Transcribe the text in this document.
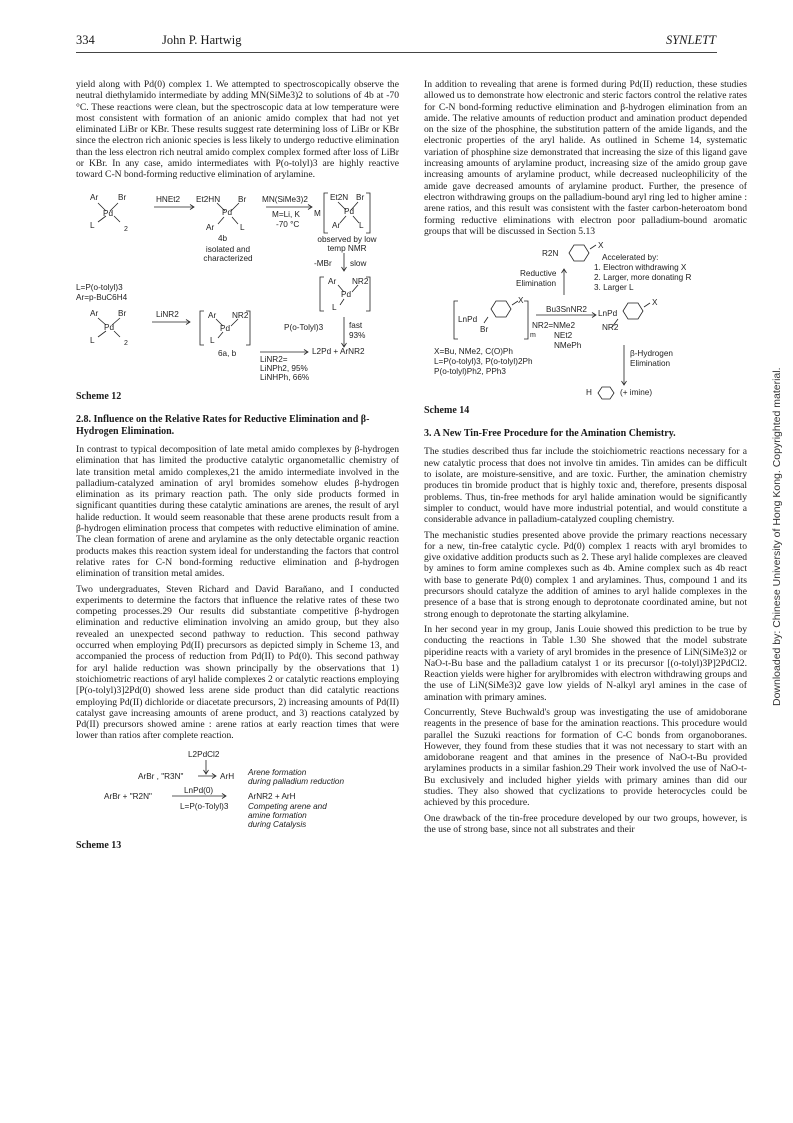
334	John P. Hartwig	SYNLETT

yield along with Pd(0) complex 1. We attempted to spectroscopically observe the neutral diethylamido intermediate by adding MN(SiMe3)2 to solutions of 4b at -70 °C. These reactions were clean, but the spectroscopic data at low temperature were most consistent with formation of an anionic amido complex that had not yet eliminated LiBr or KBr. These results suggest rate determining loss of LiBr or KBr since the electron rich anionic species is less likely to undergo reductive elimination than the less electron rich neutral amido complex complex formed after loss of LiBr or KBr. In any case, amido intermediates with P(o-tolyl)3 are highly reactive toward C-N bond-forming reductive elimination of arylamine.

Ar Br
Pd
L	2
HNEt2 Et2HN Br
Pd
Ar	L
4b
isolated and characterized
MN(SiMe3)2
M=Li, K
-70 °C
Et2N Br
M	Pd
Ar L
observed by low temp NMR
-MBr slow
Ar NR2
Pd
L
L=P(o-tolyl)3
Ar=p-BuC6H4
P(o-Tolyl)3	fast
93%
Ar Br
Pd
L	2
LiNR2	Ar NR2
Pd
L
6a, b	L2Pd + ArNR2
LiNR2=
LiNPh2, 95%
LiNHPh, 66%
Scheme 12
2.8. Influence on the Relative Rates for Reductive Elimination and β-Hydrogen Elimination.

In contrast to typical decomposition of late metal amido complexes by β-hydrogen elimination that has limited the productive catalytic organometallic chemistry of late transition metal amido complexes,21 the amido intermediate involved in the palladium-catalyzed amination of aryl bromides somehow eludes β-hydrogen elimination as its primary reaction path. The only side products formed in significant quantities during these catalytic aminations are arenes, the result of aryl halide reduction. It would seem reasonable that these arene products result from a β-hydrogen elimination process that competes with reductive elimination of amine. The clean formation of arene and arylamine as the only detectable organic reaction products makes this reaction system ideal for understanding the factors that control relative rates for C-N bond-forming reductive elimination and β-hydrogen elimination of transition metal amides.

Two undergraduates, Steven Richard and David Baraňano, and I conducted experiments to determine the factors that influence the relative rates of these two competing processes.29 Our results did substantiate competitive β-hydrogen elimination and reductive elimination involving an amido group, but they also revealed an unexpected second pathway to reduction. This second pathway occurred when employing Pd(II) precursors as depicted simply in Scheme 13, and accompanied the process of reduction from Pd(II) to Pd(0). This second pathway for aryl halide reduction was shown principally by the observations that 1) stoichiometric reactions of aryl halide complexes 2 or catalytic reactions employing [P(o-tolyl)3]2Pd(0) showed less arene side product than did catalytic reactions employing Pd(II) dichloride or diacetate precursors, 2) increasing amounts of Pd(II) catalyst gave increasing amounts of arene product, and 3) reactions catalyzed by Pd(II) precursors showed amine : arene ratios at early reaction times that were lower than ratios after complete reaction.

L2PdCl2
ArBr , "R3N"	ArH Arene formation
during palladium reduction
LnPd(0)
ArBr + "R2N"	ArNR2 + ArH
L=P(o-Tolyl)3 Competing arene and
amine formation
during Catalysis
Scheme 13

In addition to revealing that arene is formed during Pd(II) reduction, these studies allowed us to demonstrate how electronic and steric factors control the relative rates for C-N bond-forming reductive elimination and β-hydrogen elimination from an amide. The relative amounts of reduction product and amination product depended on the size of the phosphine, the substitution pattern of the amide ligands, and the electronic properties of the aryl halide. As outlined in Scheme 14, systematic variation of phosphine size demonstrated that increasing the size of this ligand gave increasing amounts of arylamine product, increasing size of the amido group gave increasing amounts of arylamine product, while decreased nucleophilicity of the amide gave decreased amounts of arylamine product. Further, the presence of electron withdrawing groups on the palladium-bound aryl ring led to higher amine : arene ratios, and this result was consistent with the faster carbon-heteroatom bond forming reductive eliminations with electron poor palladium-bound aromatic groups that will be discussed in Section 5.13

R2N
X
Accelerated by:
1. Electron withdrawing X
2. Larger, more donating R
3. Larger L
Reductive
Elimination
X
Bu3SnNR2
LnPd
Br
m
LnPd
X
NR2
NR2=NMe2
NEt2
NMePh
X=Bu, NMe2, C(O)Ph
L=P(o-tolyl)3, P(o-tolyl)2Ph
P(o-tolyl)Ph2, PPh3
β-Hydrogen
Elimination
H	(+ imine)
Scheme 14
3. A New Tin-Free Procedure for the Amination Chemistry.

The studies described thus far include the stoichiometric reactions necessary for a new catalytic process that does not involve tin amides. Tin amides can be difficult to isolate, are moisture-sensitive, and are toxic. Further, the amination chemistry produces tin bromide product that is highly toxic and, therefore, presents disposal problems. Thus, tin-free methods for aryl halide amination would be significantly simpler to conduct, would have more industrial potential, and would constitute a considerable advance in palladium-catalyzed coupling chemistry.

The mechanistic studies presented above provide the primary reactions necessary for a new, tin-free catalytic cycle. Pd(0) complex 1 reacts with aryl bromides to give oxidative addition products such as 2. These aryl halide complexes are cleaved by amines to form amine complexes such as 4b. Amine complex such as 4b react with base to generate Pd(0) complex 1 and arylamines. Thus, compound 1 and its precursors should catalyze the addition of amines to aryl halide complexes in the presence of a base that is strong enough to deprotonate coordinated amine, but not strong enough to deprotonate the starting alkylamine.

In her second year in my group, Janis Louie showed this prediction to be true by conducting the reactions in Table 1.30 She showed that the model substrate piperidine reacts with a variety of aryl bromides in the presence of LiN(SiMe3)2 or NaO-t-Bu base and the palladium catalyst 1 or its precursor [(o-tolyl)3P]2PdCl2. Reaction yields were higher for arylbromides with electron withdrawing groups and the use of LiN(SiMe3)2 gave low yields of N-alkyl aryl amines in the case of amination with primary amines.

Concurrently, Steve Buchwald's group was investigating the use of amidoborane reagents in the presence of base for the amination reactions. This procedure would parallel the Suzuki reactions for formation of C-C bonds from organoboranes. However, they found from these studies that it was not necessary to start with an amidoborane reagent and that amines in the presence of NaO-t-Bu provided arylamines products in a similar fashion.29 Their work involved the use of NaO-t-Bu exclusively and included higher yields with primary amines than did our studies. They also showed that cyclizations to provide heterocycles could be achieved by this procedure.

One drawback of the tin-free procedure developed by our two groups, however, is the use of strong base, since not all substrates and their

Downloaded by: Chinese University of Hong Kong. Copyrighted material.
